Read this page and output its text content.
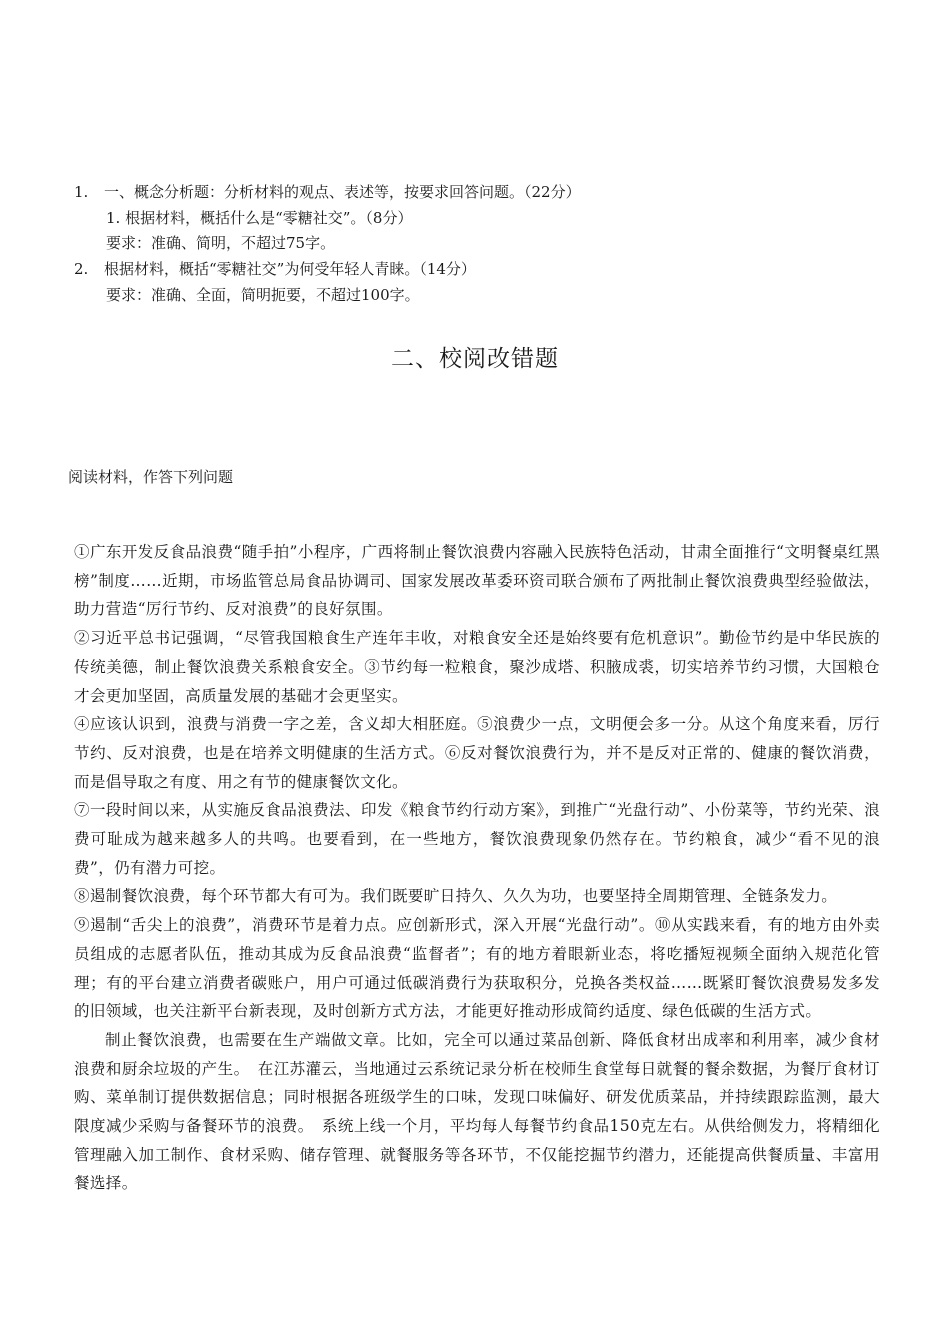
1. 一、概念分析题：分析材料的观点、表述等，按要求回答问题。（22分）
1. 根据材料，概括什么是“零糖社交”。（8分）
要求：准确、简明，不超过75字。
2. 根据材料，概括“零糖社交”为何受年轻人青睐。（14分）
要求：准确、全面，简明扼要，不超过100字。
二、校阅改错题
阅读材料，作答下列问题

①广东开发反食品浪费“随手拍”小程序，广西将制止餐饮浪费内容融入民族特色活动，甘肃全面推行“文明餐桌红黑榜”制度……近期，市场监管总局食品协调司、国家发展改革委环资司联合颁布了两批制止餐饮浪费典型经验做法，助力营造“厉行节约、反对浪费”的良好氛围。

②习近平总书记强调，“尽管我国粮食生产连年丰收，对粮食安全还是始终要有危机意识”。勤俭节约是中华民族的传统美德，制止餐饮浪费关系粮食安全。③节约每一粒粮食，聚沙成塔、积腋成裘，切实培养节约习惯，大国粮仓才会更加坚固，高质量发展的基础才会更坚实。

④应该认识到，浪费与消费一字之差，含义却大相胚庭。⑤浪费少一点，文明便会多一分。从这个角度来看，厉行节约、反对浪费，也是在培养文明健康的生活方式。⑥反对餐饮浪费行为，并不是反对正常的、健康的餐饮消费，而是倡导取之有度、用之有节的健康餐饮文化。

⑦一段时间以来，从实施反食品浪费法、印发《粮食节约行动方案》，到推广“光盘行动”、小份菜等，节约光荣、浪费可耻成为越来越多人的共鸣。也要看到，在一些地方，餐饮浪费现象仍然存在。节约粮食，减少“看不见的浪费”，仍有潜力可挖。

⑧遏制餐饮浪费，每个环节都大有可为。我们既要旷日持久、久久为功，也要坚持全周期管理、全链条发力。

⑨遏制“舌尖上的浪费”，消费环节是着力点。应创新形式，深入开展“光盘行动”。⑩从实践来看，有的地方由外卖员组成的志愿者队伍，推动其成为反食品浪费“监督者”；有的地方着眼新业态，将吃播短视频全面纳入规范化管理；有的平台建立消费者碳账户，用户可通过低碳消费行为获取积分，兑换各类权益……既紧盯餐饮浪费易发多发的旧领域，也关注新平台新表现，及时创新方式方法，才能更好推动形成简约适度、绿色低碳的生活方式。

制止餐饮浪费，也需要在生产端做文章。比如，完全可以通过菜品创新、降低食材出成率和利用率，减少食材浪费和厨余垃圾的产生。　在江苏灌云，当地通过云系统记录分析在校师生食堂每日就餐的餐余数据，为餐厅食材订购、菜单制订提供数据信息；同时根据各班级学生的口味，发现口味偏好、研发优质菜品，并持续跟踪监测，最大限度减少采购与备餐环节的浪费。　系统上线一个月，平均每人每餐节约食品150克左右。从供给侧发力，将精细化管理融入加工制作、食材采购、储存管理、就餐服务等各环节，不仅能挖掘节约潜力，还能提高供餐质量、丰富用餐选择。
